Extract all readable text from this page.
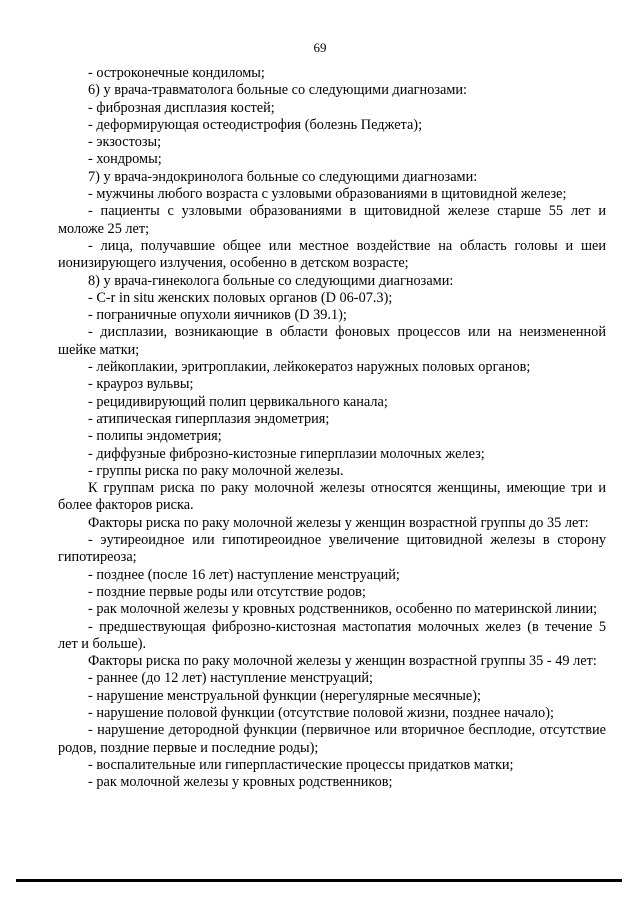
69

- остроконечные кондиломы;

6) у врача-травматолога больные со следующими диагнозами:

- фиброзная дисплазия костей;

- деформирующая остеодистрофия (болезнь Педжета);

- экзостозы;

- хондромы;

7) у врача-эндокринолога больные со следующими диагнозами:

- мужчины любого возраста с узловыми образованиями в щитовидной железе;

- пациенты с узловыми образованиями в щитовидной железе старше 55 лет и моложе 25 лет;

- лица, получавшие общее или местное воздействие на область головы и шеи ионизирующего излучения, особенно в детском возрасте;

8) у врача-гинеколога больные со следующими диагнозами:

- C-r in situ женских половых органов (D 06-07.3);

- пограничные опухоли яичников (D 39.1);

- дисплазии, возникающие в области фоновых процессов или на неизмененной шейке матки;

- лейкоплакии, эритроплакии, лейкокератоз наружных половых органов;

- крауроз вульвы;

- рецидивирующий полип цервикального канала;

- атипическая гиперплазия эндометрия;

- полипы эндометрия;

- диффузные фиброзно-кистозные гиперплазии молочных желез;

- группы риска по раку молочной железы.

К группам риска по раку молочной железы относятся женщины, имеющие три и более факторов риска.

Факторы риска по раку молочной железы у женщин возрастной группы до 35 лет:

- эутиреоидное или гипотиреоидное увеличение щитовидной железы в сторону гипотиреоза;

- позднее (после 16 лет) наступление менструаций;

- поздние первые роды или отсутствие родов;

- рак молочной железы у кровных родственников, особенно по материнской линии;

- предшествующая фиброзно-кистозная мастопатия молочных желез (в течение 5 лет и больше).

Факторы риска по раку молочной железы у женщин возрастной группы 35 - 49 лет:

- раннее (до 12 лет) наступление менструаций;

- нарушение менструальной функции (нерегулярные месячные);

- нарушение половой функции (отсутствие половой жизни, позднее начало);

- нарушение детородной функции (первичное или вторичное бесплодие, отсутствие родов, поздние первые и последние роды);

- воспалительные или гиперпластические процессы придатков матки;

- рак молочной железы у кровных родственников;
